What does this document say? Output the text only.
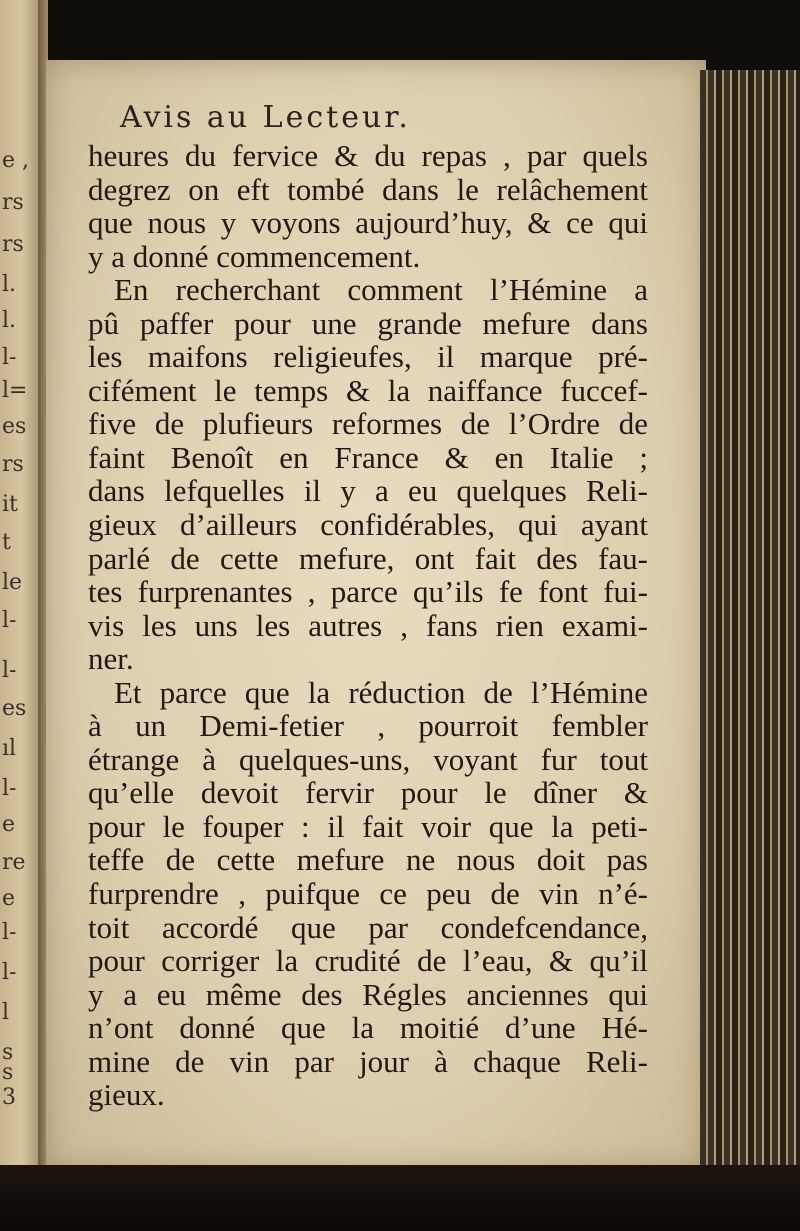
e ,
rs
rs
l.
l.
l-
l=
es
rs
it
t
le
l-
l-
es
ıl
l-
e
re
e
l-
l-
l
s
s
3
Avis au Lecteur.
heures du fervice & du repas , par quels
degrez on eft tombé dans le relâchement
que nous y voyons aujourd’huy, & ce qui
y a donné commencement.
En recherchant comment l’Hémine a
pû paffer pour une grande mefure dans
les maifons religieufes, il marque pré-
cifément le temps & la naiffance fuccef-
five de plufieurs reformes de l’Ordre de
faint Benoît en France & en Italie ;
dans lefquelles il y a eu quelques Reli-
gieux d’ailleurs confidérables, qui ayant
parlé de cette mefure, ont fait des fau-
tes furprenantes , parce qu’ils fe font fui-
vis les uns les autres , fans rien exami-
ner.
Et parce que la réduction de l’Hémine
à un Demi-fetier , pourroit fembler
étrange à quelques-uns, voyant fur tout
qu’elle devoit fervir pour le dîner &
pour le fouper : il fait voir que la peti-
teffe de cette mefure ne nous doit pas
furprendre , puifque ce peu de vin n’é-
toit accordé que par condefcendance,
pour corriger la crudité de l’eau, & qu’il
y a eu même des Régles anciennes qui
n’ont donné que la moitié d’une Hé-
mine de vin par jour à chaque Reli-
gieux.
